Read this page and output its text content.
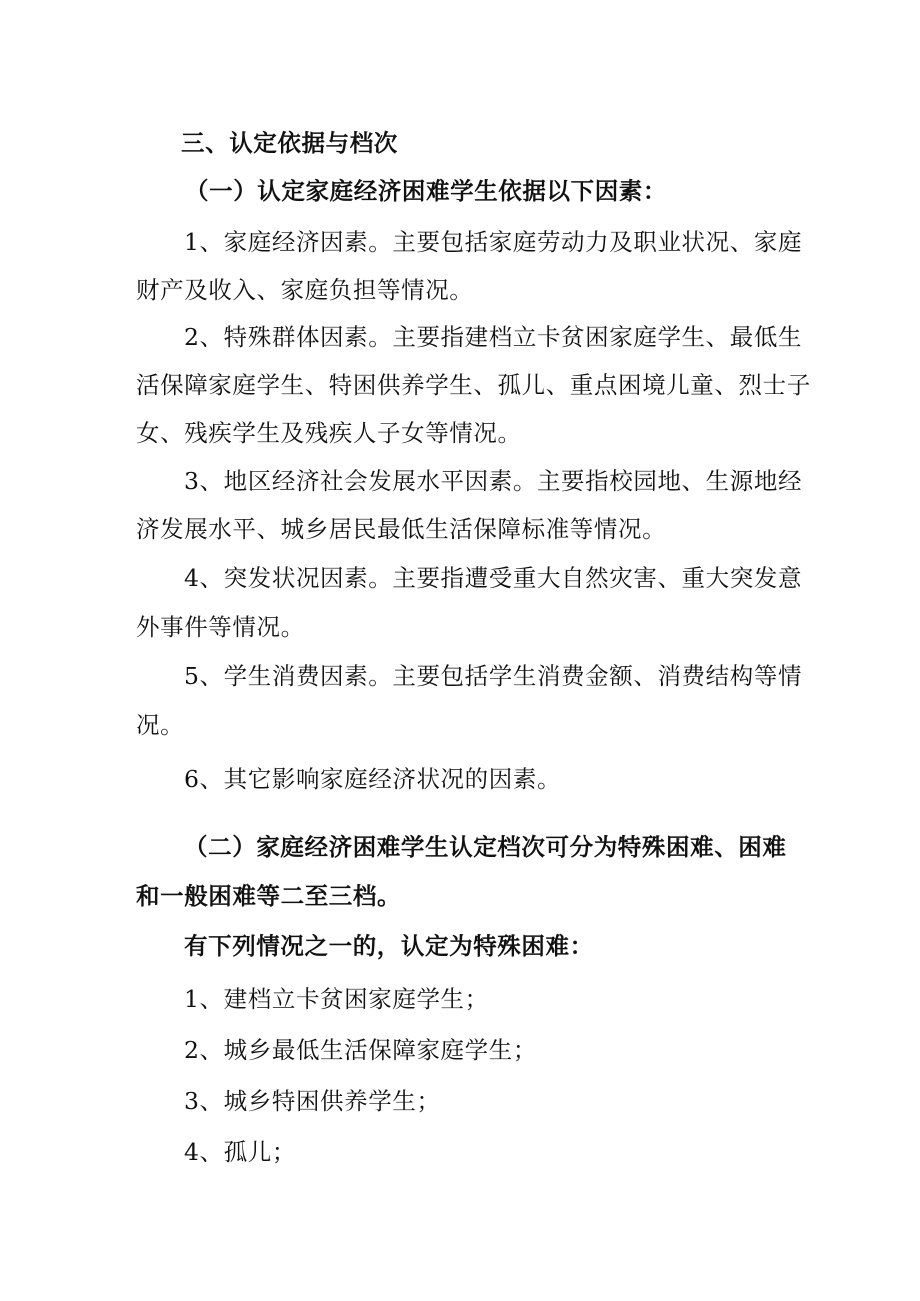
三、认定依据与档次
（一）认定家庭经济困难学生依据以下因素：
1、家庭经济因素。主要包括家庭劳动力及职业状况、家庭
财产及收入、家庭负担等情况。
2、特殊群体因素。主要指建档立卡贫困家庭学生、最低生
活保障家庭学生、特困供养学生、孤儿、重点困境儿童、烈士子
女、残疾学生及残疾人子女等情况。
3、地区经济社会发展水平因素。主要指校园地、生源地经
济发展水平、城乡居民最低生活保障标准等情况。
4、突发状况因素。主要指遭受重大自然灾害、重大突发意
外事件等情况。
5、学生消费因素。主要包括学生消费金额、消费结构等情
况。
6、其它影响家庭经济状况的因素。
（二）家庭经济困难学生认定档次可分为特殊困难、困难
和一般困难等二至三档。
有下列情况之一的，认定为特殊困难：
1、建档立卡贫困家庭学生；
2、城乡最低生活保障家庭学生；
3、城乡特困供养学生；
4、孤儿；
